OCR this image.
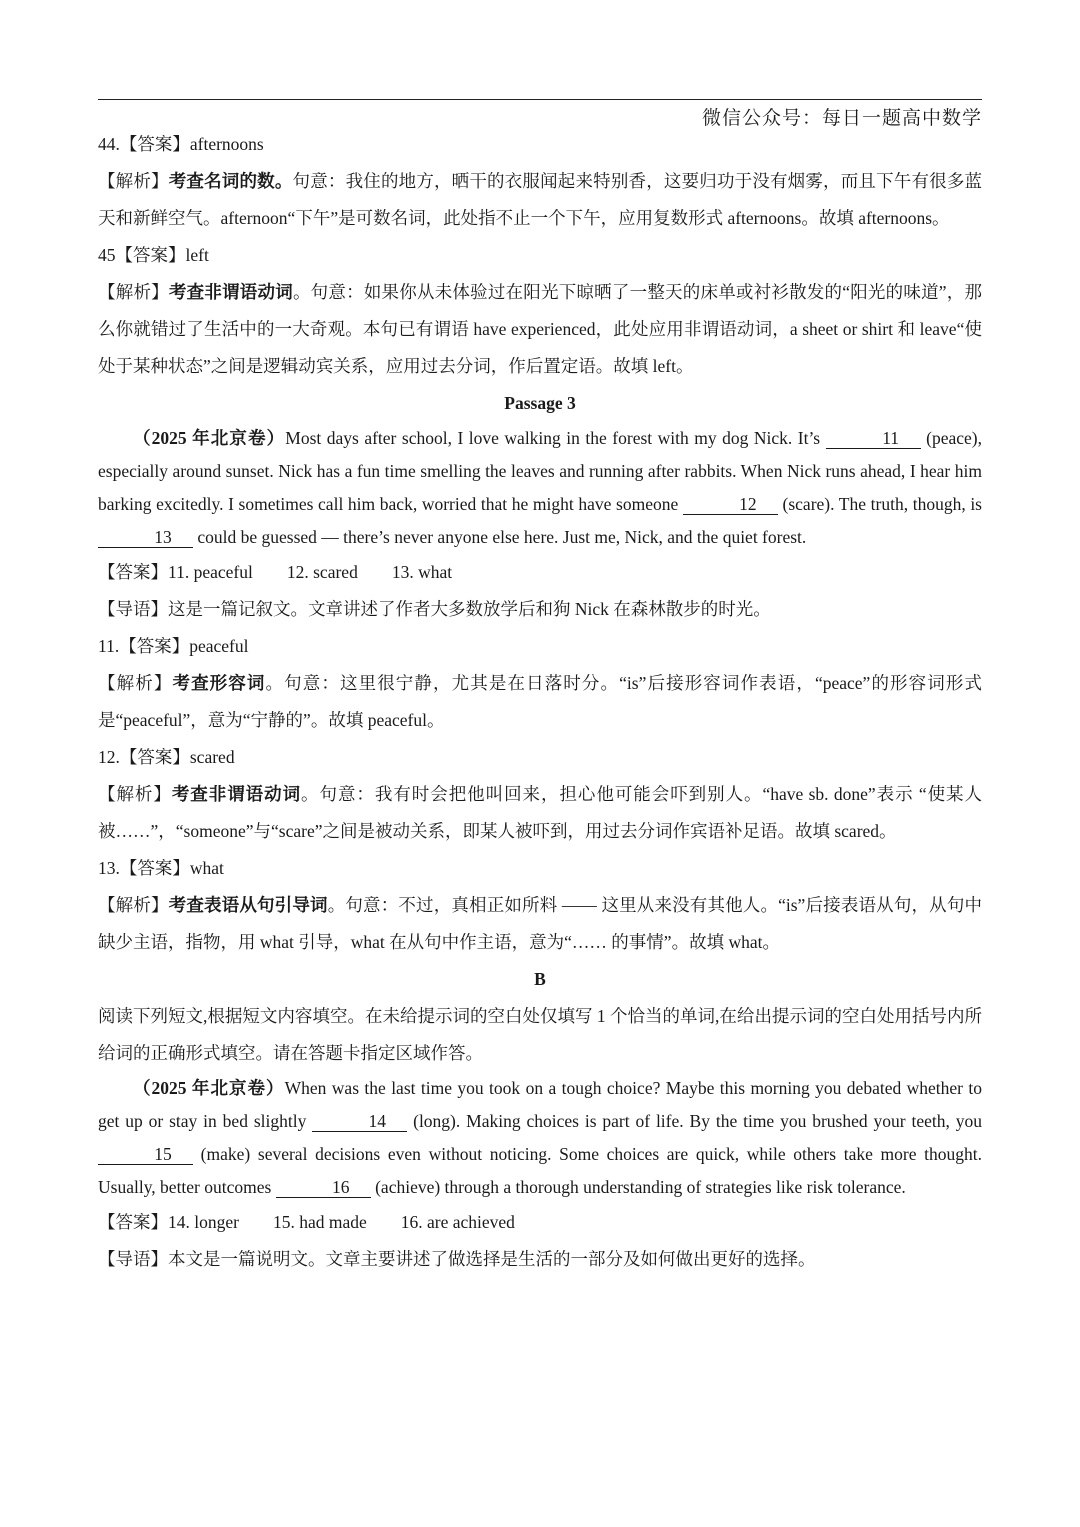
微信公众号：每日一题高中数学

44.【答案】afternoons

【解析】考查名词的数。句意：我住的地方，晒干的衣服闻起来特别香，这要归功于没有烟雾，而且下午有很多蓝天和新鲜空气。afternoon“下午”是可数名词，此处指不止一个下午，应用复数形式 afternoons。故填 afternoons。

45【答案】left

【解析】考查非谓语动词。句意：如果你从未体验过在阳光下晾晒了一整天的床单或衬衫散发的“阳光的味道”，那么你就错过了生活中的一大奇观。本句已有谓语 have experienced，此处应用非谓语动词，a sheet or shirt 和 leave“使处于某种状态”之间是逻辑动宾关系，应用过去分词，作后置定语。故填 left。

Passage 3

（2025 年北京卷）Most days after school, I love walking in the forest with my dog Nick. It’s	11 (peace), especially around sunset. Nick has a fun time smelling the leaves and running after rabbits. When Nick runs ahead, I hear him barking excitedly. I sometimes call him back, worried that he might have someone	12 (scare). The truth, though, is 13 could be guessed — there’s never anyone else here. Just me, Nick, and the quiet forest.

【答案】11. peaceful 12. scared 13. what

【导语】这是一篇记叙文。文章讲述了作者大多数放学后和狗 Nick 在森林散步的时光。

11.【答案】peaceful

【解析】考查形容词。句意：这里很宁静，尤其是在日落时分。“is”后接形容词作表语，“peace”的形容词形式是“peaceful”，意为“宁静的”。故填 peaceful。

12.【答案】scared

【解析】考查非谓语动词。句意：我有时会把他叫回来，担心他可能会吓到别人。“have sb. done”表示 “使某人被……”，“someone”与“scare”之间是被动关系，即某人被吓到，用过去分词作宾语补足语。故填 scared。

13.【答案】what

【解析】考查表语从句引导词。句意：不过，真相正如所料 —— 这里从来没有其他人。“is”后接表语从句，从句中缺少主语，指物，用 what 引导，what 在从句中作主语，意为“…… 的事情”。故填 what。

B

阅读下列短文,根据短文内容填空。在未给提示词的空白处仅填写 1 个恰当的单词,在给出提示词的空白处用括号内所给词的正确形式填空。请在答题卡指定区域作答。

（2025 年北京卷）When was the last time you took on a tough choice? Maybe this morning you debated whether to get up or stay in bed slightly	14 (long). Making choices is part of life. By the time you brushed your teeth, you 15 (make) several decisions even without noticing. Some choices are quick, while others take more thought. Usually, better outcomes	16 (achieve) through a thorough understanding of strategies like risk tolerance.

【答案】14. longer 15. had made 16. are achieved

【导语】本文是一篇说明文。文章主要讲述了做选择是生活的一部分及如何做出更好的选择。
